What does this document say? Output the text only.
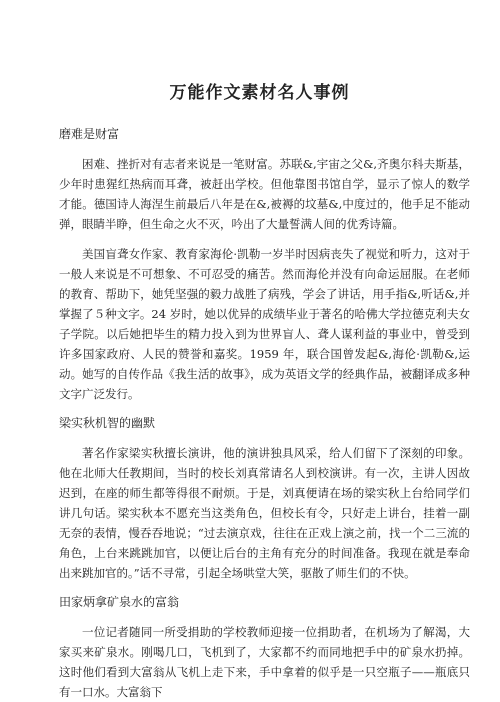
万能作文素材名人事例
磨难是财富

困难、挫折对有志者来说是一笔财富。苏联&,宇宙之父&,齐奥尔科夫斯基，少年时患猩红热病而耳聋，被赶出学校。但他靠图书馆自学，显示了惊人的数学才能。德国诗人海涅生前最后八年是在&,被褥的坟墓&,中度过的，他手足不能动弹，眼睛半睁，但生命之火不灭，吟出了大量誓满人间的优秀诗篇。

美国盲聋女作家、教育家海伦·凯勒一岁半时因病丧失了视觉和听力，这对于一般人来说是不可想象、不可忍受的痛苦。然而海伦并没有向命运屈服。在老师的教育、帮助下，她凭坚强的毅力战胜了病残，学会了讲话，用手指&,听话&,并掌握了５种文字。24 岁时，她以优异的成绩毕业于著名的哈佛大学拉德克利夫女子学院。以后她把毕生的精力投入到为世界盲人、聋人谋利益的事业中，曾受到许多国家政府、人民的赞誉和嘉奖。1959 年，联合国曾发起&,海伦·凯勒&,运动。她写的自传作品《我生活的故事》，成为英语文学的经典作品，被翻译成多种文字广泛发行。

梁实秋机智的幽默

著名作家梁实秋擅长演讲，他的演讲独具风采，给人们留下了深刻的印象。他在北师大任教期间，当时的校长刘真常请名人到校演讲。有一次，主讲人因故迟到，在座的师生都等得很不耐烦。于是，刘真便请在场的梁实秋上台给同学们讲几句话。梁实秋本不愿充当这类角色，但校长有令，只好走上讲台，挂着一副无奈的表情，慢吞吞地说；“过去演京戏，往往在正戏上演之前，找一个二三流的角色，上台来跳跳加官，以便让后台的主角有充分的时间准备。我现在就是奉命出来跳加官的。”话不寻常，引起全场哄堂大笑，驱散了师生们的不快。

田家炳拿矿泉水的富翁

一位记者随同一所受捐助的学校教师迎接一位捐助者，在机场为了解渴，大家买来矿泉水。刚喝几口，飞机到了，大家都不约而同地把手中的矿泉水扔掉。这时他们看到大富翁从飞机上走下来，手中拿着的似乎是一只空瓶子——瓶底只有一口水。大富翁下
